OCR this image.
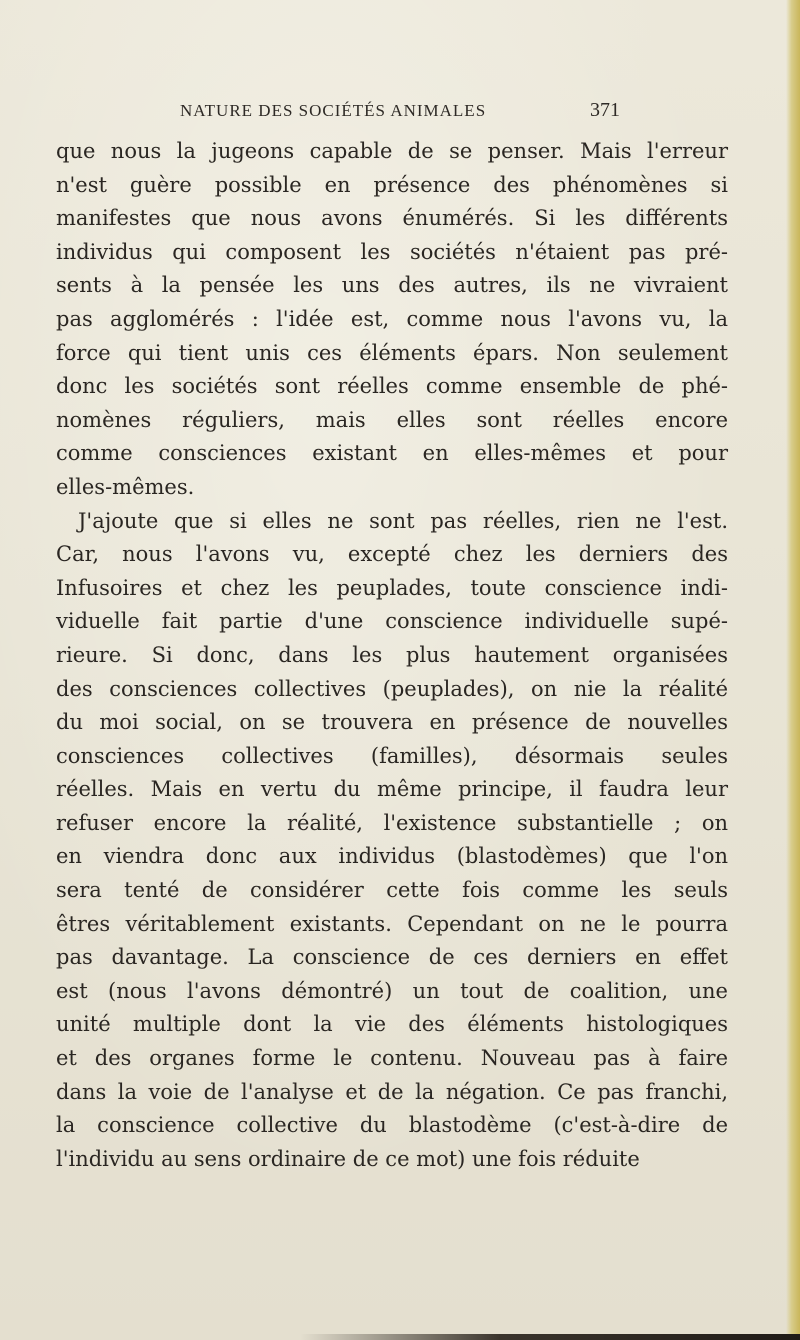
NATURE DES SOCIÉTÉS ANIMALES	371
que nous la jugeons capable de se penser. Mais l'erreur
n'est guère possible en présence des phénomènes si
manifestes que nous avons énumérés. Si les différents
individus qui composent les sociétés n'étaient pas pré-
sents à la pensée les uns des autres, ils ne vivraient
pas agglomérés : l'idée est, comme nous l'avons vu, la
force qui tient unis ces éléments épars. Non seulement
donc les sociétés sont réelles comme ensemble de phé-
nomènes réguliers, mais elles sont réelles encore
comme consciences existant en elles-mêmes et pour
elles-mêmes.
J'ajoute que si elles ne sont pas réelles, rien ne l'est.
Car, nous l'avons vu, excepté chez les derniers des
Infusoires et chez les peuplades, toute conscience indi-
viduelle fait partie d'une conscience individuelle supé-
rieure. Si donc, dans les plus hautement organisées
des consciences collectives (peuplades), on nie la réalité
du moi social, on se trouvera en présence de nouvelles
consciences collectives (familles), désormais seules
réelles. Mais en vertu du même principe, il faudra leur
refuser encore la réalité, l'existence substantielle ; on
en viendra donc aux individus (blastodèmes) que l'on
sera tenté de considérer cette fois comme les seuls
êtres véritablement existants. Cependant on ne le pourra
pas davantage. La conscience de ces derniers en effet
est (nous l'avons démontré) un tout de coalition, une
unité multiple dont la vie des éléments histologiques
et des organes forme le contenu. Nouveau pas à faire
dans la voie de l'analyse et de la négation. Ce pas franchi,
la conscience collective du blastodème (c'est-à-dire de
l'individu au sens ordinaire de ce mot) une fois réduite
